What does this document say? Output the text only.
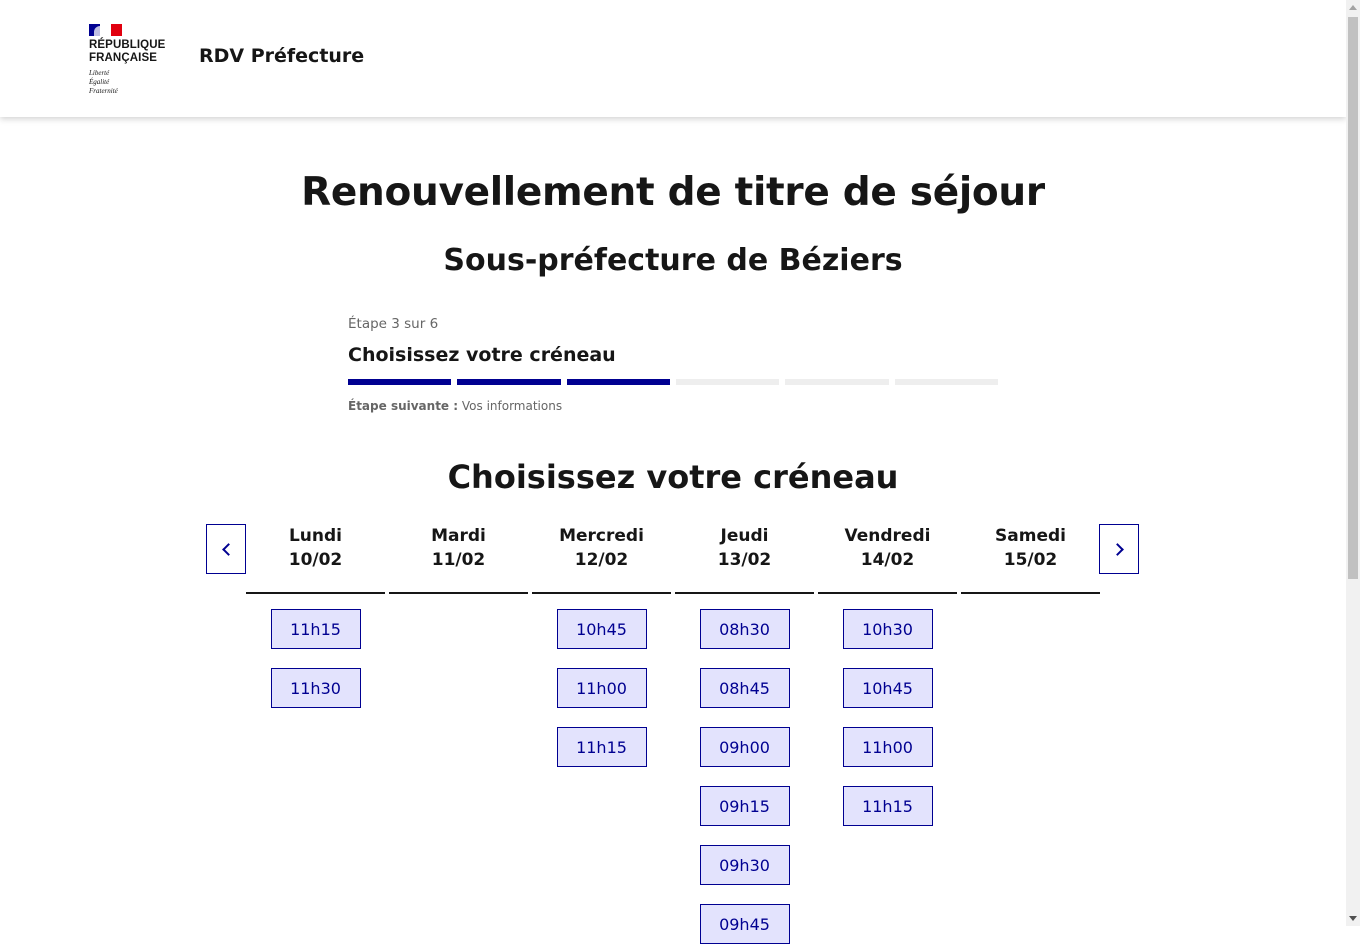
RÉPUBLIQUE
FRANÇAISE
Liberté
Égalité
Fraternité
RDV Préfecture
Renouvellement de titre de séjour
Sous-préfecture de Béziers
Étape 3 sur 6
Choisissez votre créneau
Étape suivante : Vos informations
Choisissez votre créneau
Lundi
10/02
11h15
11h30
Mardi
11/02
Mercredi
12/02
10h45
11h00
11h15
Jeudi
13/02
08h30
08h45
09h00
09h15
09h30
09h45
Vendredi
14/02
10h30
10h45
11h00
11h15
Samedi
15/02
